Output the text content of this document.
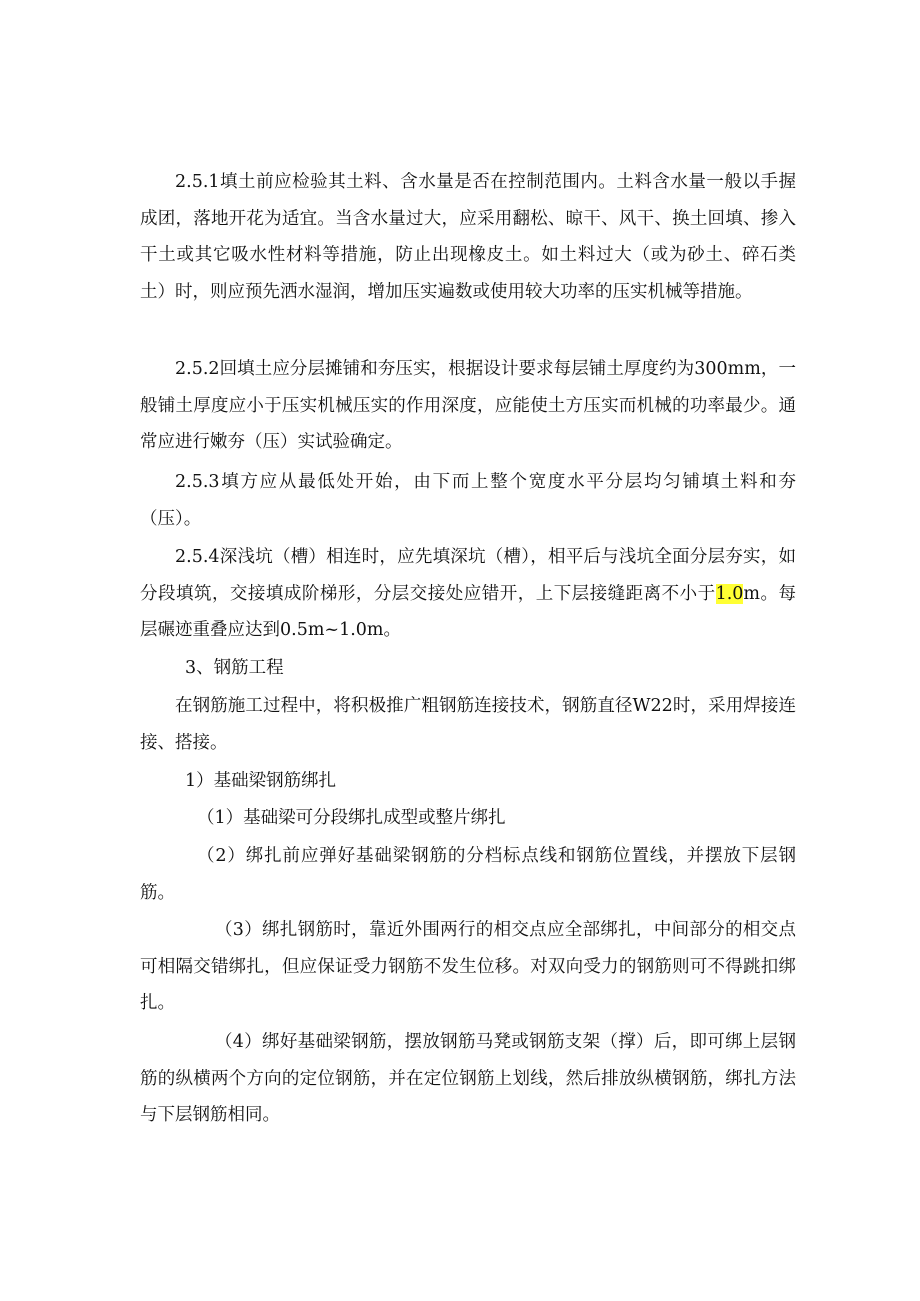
2.5.1填土前应检验其土料、含水量是否在控制范围内。土料含水量一般以手握成团，落地开花为适宜。当含水量过大，应采用翻松、晾干、风干、换土回填、掺入干土或其它吸水性材料等措施，防止出现橡皮土。如土料过大（或为砂土、碎石类土）时，则应预先洒水湿润，增加压实遍数或使用较大功率的压实机械等措施。

2.5.2回填土应分层摊铺和夯压实，根据设计要求每层铺土厚度约为300mm，一般铺土厚度应小于压实机械压实的作用深度，应能使土方压实而机械的功率最少。通常应进行嫩夯（压）实试验确定。

2.5.3填方应从最低处开始，由下而上整个宽度水平分层均匀铺填土料和夯（压）。

2.5.4深浅坑（槽）相连时，应先填深坑（槽），相平后与浅坑全面分层夯实，如分段填筑，交接填成阶梯形，分层交接处应错开，上下层接缝距离不小于1.0m。每层碾迹重叠应达到0.5m~1.0m。

3、钢筋工程

在钢筋施工过程中，将积极推广粗钢筋连接技术，钢筋直径W22时，采用焊接连接、搭接。

1）基础梁钢筋绑扎

（1）基础梁可分段绑扎成型或整片绑扎

（2）绑扎前应弹好基础梁钢筋的分档标点线和钢筋位置线，并摆放下层钢筋。

（3）绑扎钢筋时，靠近外围两行的相交点应全部绑扎，中间部分的相交点可相隔交错绑扎，但应保证受力钢筋不发生位移。对双向受力的钢筋则可不得跳扣绑扎。

（4）绑好基础梁钢筋，摆放钢筋马凳或钢筋支架（撑）后，即可绑上层钢筋的纵横两个方向的定位钢筋，并在定位钢筋上划线，然后排放纵横钢筋，绑扎方法与下层钢筋相同。
